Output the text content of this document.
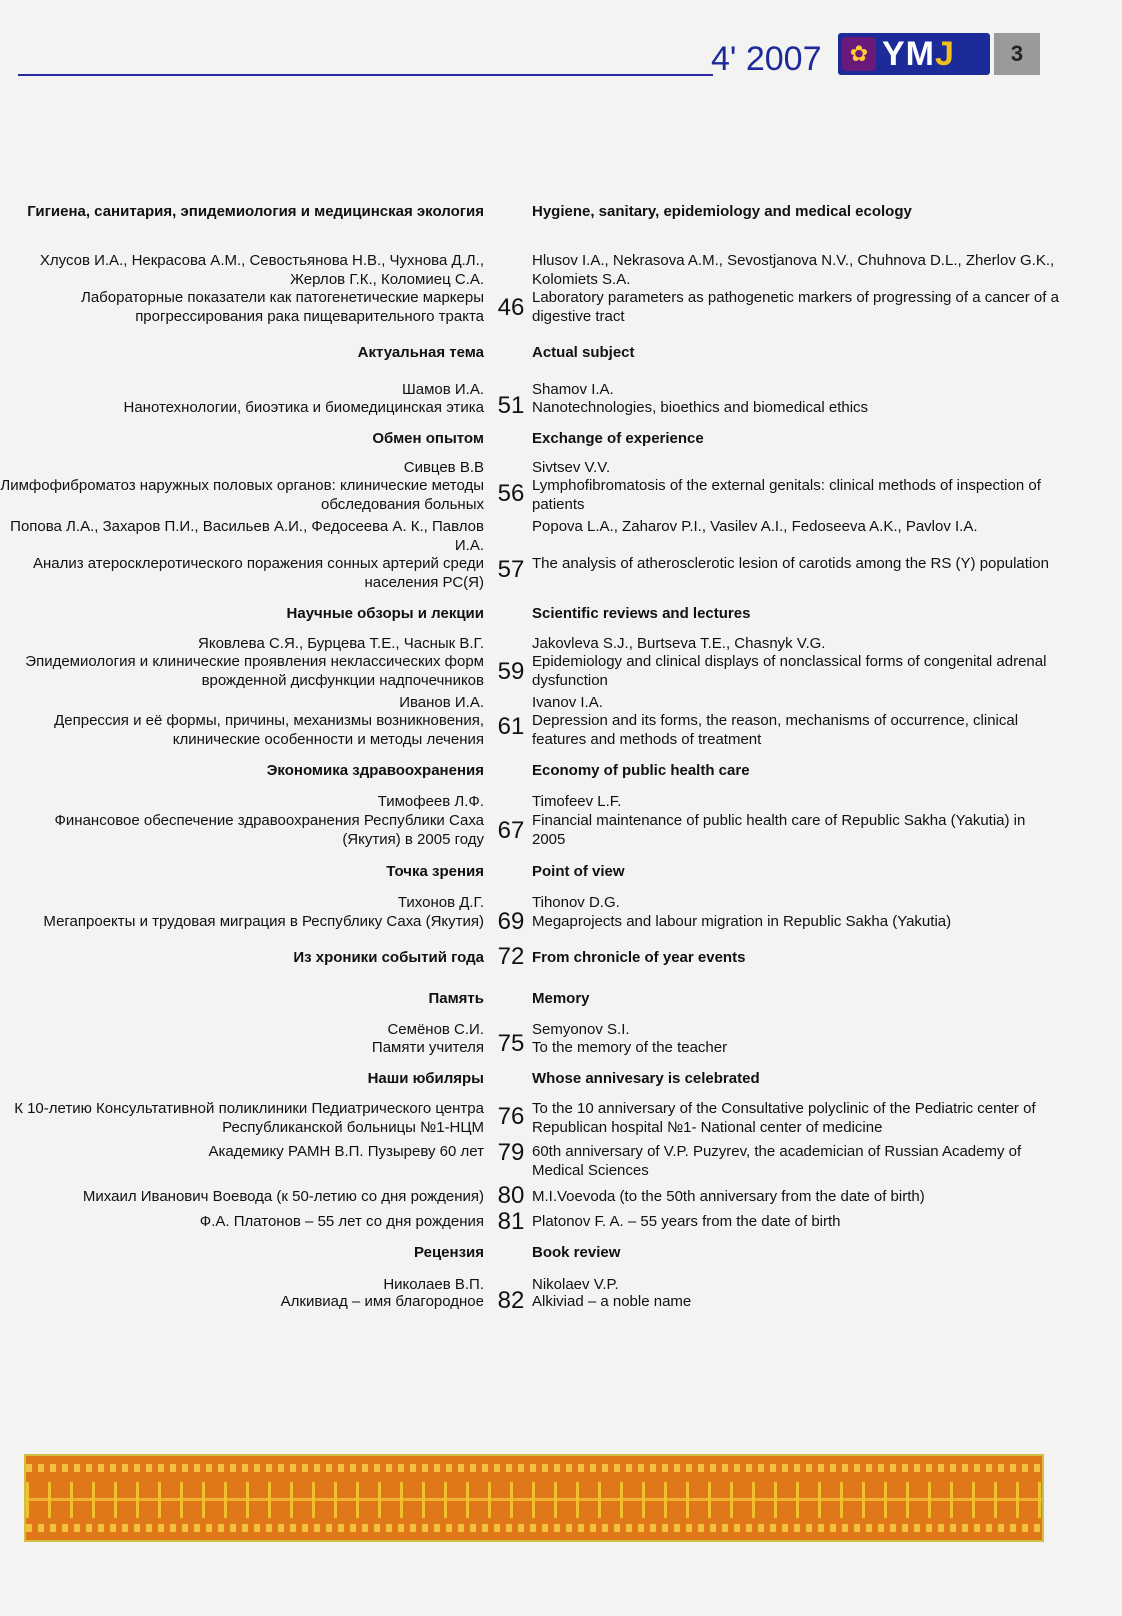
4' 2007	✿ YMJ	3
Гигиена, санитария, эпидемиология и медицинская экология	Hygiene, sanitary, epidemiology and medical ecology
Хлусов И.А., Некрасова А.М., Севостьянова Н.В., Чухнова Д.Л., Жерлов Г.К., Коломиец С.А.
Hlusov I.A., Nekrasova A.M., Sevostjanova N.V., Chuhnova D.L., Zherlov G.K., Kolomiets S.A.
Лабораторные показатели как патогенетические маркеры прогрессирования рака пищеварительного тракта 46 Laboratory parameters as pathogenetic markers of progressing of a cancer of a digestive tract
Актуальная тема	Actual subject
Шамов И.А.	Shamov I.A.
Нанотехнологии, биоэтика и биомедицинская этика 51 Nanotechnologies, bioethics and biomedical ethics
Обмен опытом	Exchange of experience
Сивцев В.В	Sivtsev V.V.
Лимфофиброматоз наружных половых органов: клинические методы обследования больных 56 Lymphofibromatosis of the external genitals: clinical methods of inspection of patients
Попова Л.А., Захаров П.И., Васильев А.И., Федосеева А. К., Павлов И.А.
Popova L.A., Zaharov P.I., Vasilev A.I., Fedoseeva A.K., Pavlov I.A.
Анализ атеросклеротического поражения сонных артерий среди населения РС(Я) 57 The analysis of atherosclerotic lesion of carotids among the RS (Y) population
Научные обзоры и лекции	Scientific reviews and lectures
Яковлева С.Я., Бурцева Т.Е., Часнык В.Г.	Jakovleva S.J., Burtseva T.E., Chasnyk V.G.
Эпидемиология и клинические проявления неклассических форм врожденной дисфункции надпочечников 59 Epidemiology and clinical displays of nonclassical forms of congenital adrenal dysfunction
Иванов И.А.	Ivanov I.A.
Депрессия и её формы, причины, механизмы возникновения, клинические особенности и методы лечения 61 Depression and its forms, the reason, mechanisms of occurrence, clinical features and methods of treatment
Экономика здравоохранения	Economy of public health care
Тимофеев Л.Ф.	Timofeev L.F.
Финансовое обеспечение здравоохранения Республики Саха (Якутия) в 2005 году 67 Financial maintenance of public health care of Republic Sakha (Yakutia) in 2005
Точка зрения	Point of view
Тихонов Д.Г.	Tihonov D.G.
Мегапроекты и трудовая миграция в Республику Саха (Якутия) 69 Megaprojects and labour migration in Republic Sakha (Yakutia)
Из хроники событий года 72 From chronicle of year events
Память	Memory
Семёнов С.И.	Semyonov S.I.
Памяти учителя 75 To the memory of the teacher
Наши юбиляры	Whose annivesary is celebrated
К 10-летию Консультативной поликлиники Педиатрического центра Республиканской больницы №1-НЦМ 76 To the 10 anniversary of the Consultative polyclinic of the Pediatric center of Republican hospital №1- National center of medicine
Академику РАМН В.П. Пузыреву 60 лет 79 60th anniversary of V.P. Puzyrev, the academician of Russian Academy of Medical Sciences
Михаил Иванович Воевода (к 50-летию со дня рождения) 80 M.I.Voevoda (to the 50th anniversary from the date of birth)
Ф.А. Платонов – 55 лет со дня рождения 81 Platonov F. A. – 55 years from the date of birth
Рецензия	Book review
Николаев В.П.	Nikolaev V.P.
Алкивиад – имя благородное 82 Alkiviad – a noble name
